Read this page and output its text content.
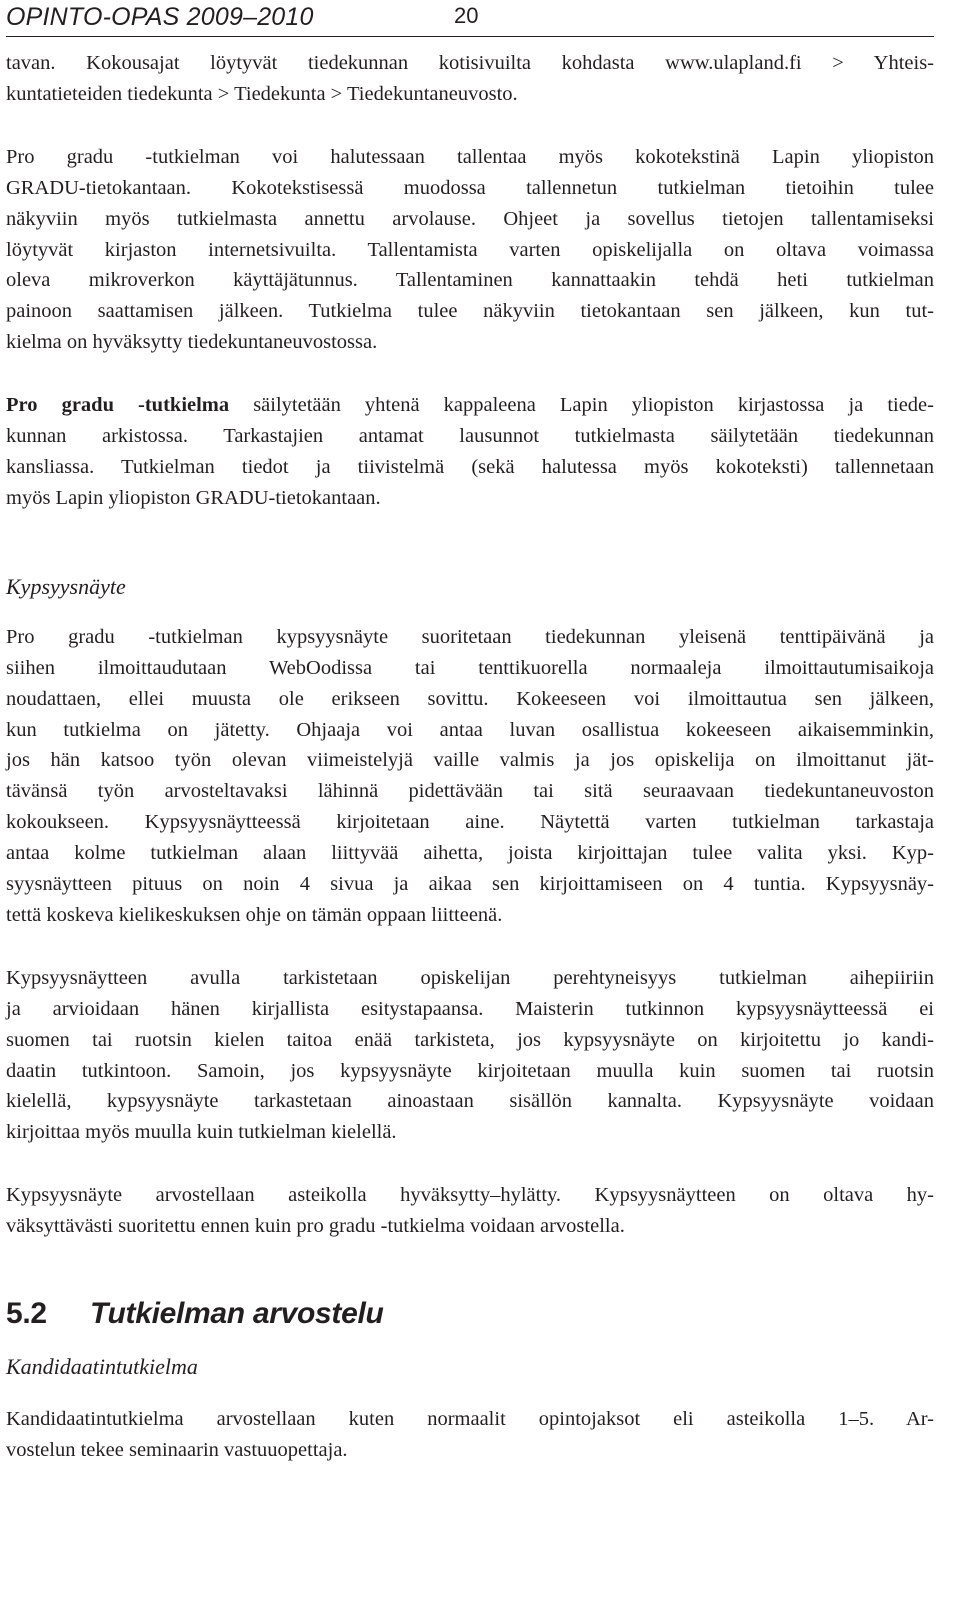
OPINTO-OPAS 2009–2010	20

tavan. Kokousajat löytyvät tiedekunnan kotisivuilta kohdasta www.ulapland.fi > Yhteis-
kuntatieteiden tiedekunta > Tiedekunta > Tiedekuntaneuvosto.

Pro gradu -tutkielman voi halutessaan tallentaa myös kokotekstinä Lapin yliopiston
GRADU-tietokantaan. Kokotekstisessä muodossa tallennetun tutkielman tietoihin tulee
näkyviin myös tutkielmasta annettu arvolause. Ohjeet ja sovellus tietojen tallentamiseksi
löytyvät kirjaston internetsivuilta. Tallentamista varten opiskelijalla on oltava voimassa
oleva mikroverkon käyttäjätunnus. Tallentaminen kannattaakin tehdä heti tutkielman
painoon saattamisen jälkeen. Tutkielma tulee näkyviin tietokantaan sen jälkeen, kun tut-
kielma on hyväksytty tiedekuntaneuvostossa.

Pro gradu -tutkielma säilytetään yhtenä kappaleena Lapin yliopiston kirjastossa ja tiede-
kunnan arkistossa. Tarkastajien antamat lausunnot tutkielmasta säilytetään tiedekunnan
kansliassa. Tutkielman tiedot ja tiivistelmä (sekä halutessa myös kokoteksti) tallennetaan
myös Lapin yliopiston GRADU-tietokantaan.

Kypsyysnäyte

Pro gradu -tutkielman kypsyysnäyte suoritetaan tiedekunnan yleisenä tenttipäivänä ja
siihen ilmoittaudutaan WebOodissa tai tenttikuorella normaaleja ilmoittautumisaikoja
noudattaen, ellei muusta ole erikseen sovittu. Kokeeseen voi ilmoittautua sen jälkeen,
kun tutkielma on jätetty. Ohjaaja voi antaa luvan osallistua kokeeseen aikaisemminkin,
jos hän katsoo työn olevan viimeistelyjä vaille valmis ja jos opiskelija on ilmoittanut jät-
tävänsä työn arvosteltavaksi lähinnä pidettävään tai sitä seuraavaan tiedekuntaneuvoston
kokoukseen. Kypsyysnäytteessä kirjoitetaan aine. Näytettä varten tutkielman tarkastaja
antaa kolme tutkielman alaan liittyvää aihetta, joista kirjoittajan tulee valita yksi. Kyp-
syysnäytteen pituus on noin 4 sivua ja aikaa sen kirjoittamiseen on 4 tuntia. Kypsyysnäy-
tettä koskeva kielikeskuksen ohje on tämän oppaan liitteenä.

Kypsyysnäytteen avulla tarkistetaan opiskelijan perehtyneisyys tutkielman aihepiiriin
ja arvioidaan hänen kirjallista esitystapaansa. Maisterin tutkinnon kypsyysnäytteessä ei
suomen tai ruotsin kielen taitoa enää tarkisteta, jos kypsyysnäyte on kirjoitettu jo kandi-
daatin tutkintoon. Samoin, jos kypsyysnäyte kirjoitetaan muulla kuin suomen tai ruotsin
kielellä, kypsyysnäyte tarkastetaan ainoastaan sisällön kannalta. Kypsyysnäyte voidaan
kirjoittaa myös muulla kuin tutkielman kielellä.

Kypsyysnäyte arvostellaan asteikolla hyväksytty–hylätty. Kypsyysnäytteen on oltava hy-
väksyttävästi suoritettu ennen kuin pro gradu -tutkielma voidaan arvostella.

5.2 Tutkielman arvostelu
Kandidaatintutkielma

Kandidaatintutkielma arvostellaan kuten normaalit opintojaksot eli asteikolla 1–5. Ar-
vostelun tekee seminaarin vastuuopettaja.
